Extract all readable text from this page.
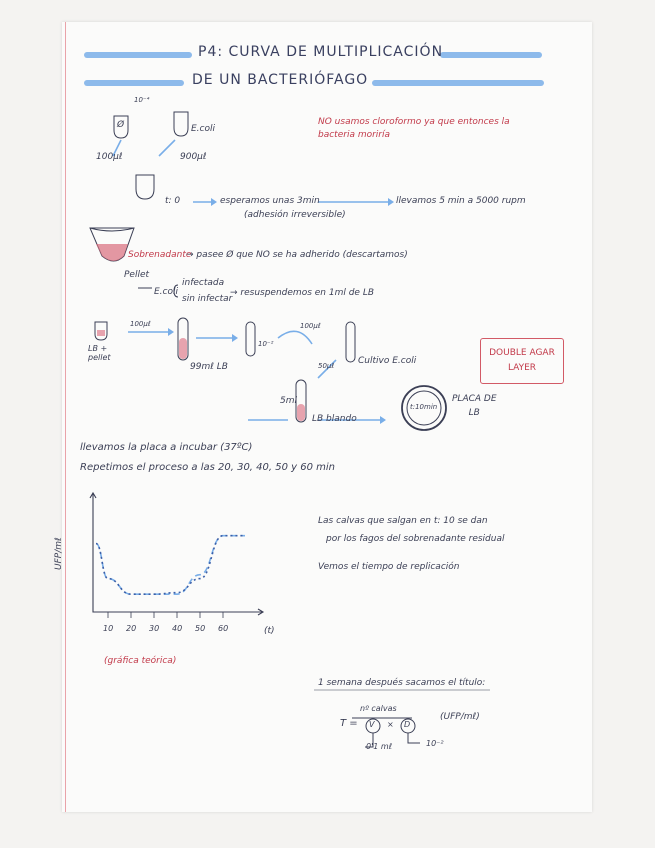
P4: CURVA DE MULTIPLICACIÓN
DE UN BACTERIÓFAGO
10⁻⁴
Ø	E.coli
100µℓ	900µℓ
t: 0	esperamos unas 3min
(adhesión irreversible)
llevamos 5 min a 5000 rupm
NO usamos cloroformo ya que entonces la bacteria moriría
Sobrenadante
→ pasee Ø que NO se ha adherido (descartamos)
Pellet
E.coli
infectada
sin infectar
→ resuspendemos en 1ml de LB
100µℓ
LB +
pellet
99mℓ LB
10⁻²
100µℓ
50µℓ	Cultivo E.coli
5ml
LB blando
t:10min
PLACA DE
LB
DOUBLE AGAR
LAYER
llevamos la placa a incubar (37ºC)
Repetimos el proceso a las 20, 30, 40, 50 y 60 min
UFP/mℓ
(t)
10 20 30 40 50 60
(gráfica teórica)
Las calvas que salgan en t: 10 se dan
por los fagos del sobrenadante residual
Vemos el tiempo de replicación
1 semana después sacamos el título:
T =
nº calvas
V × D
(UFP/mℓ)
0'1 mℓ	10⁻²
